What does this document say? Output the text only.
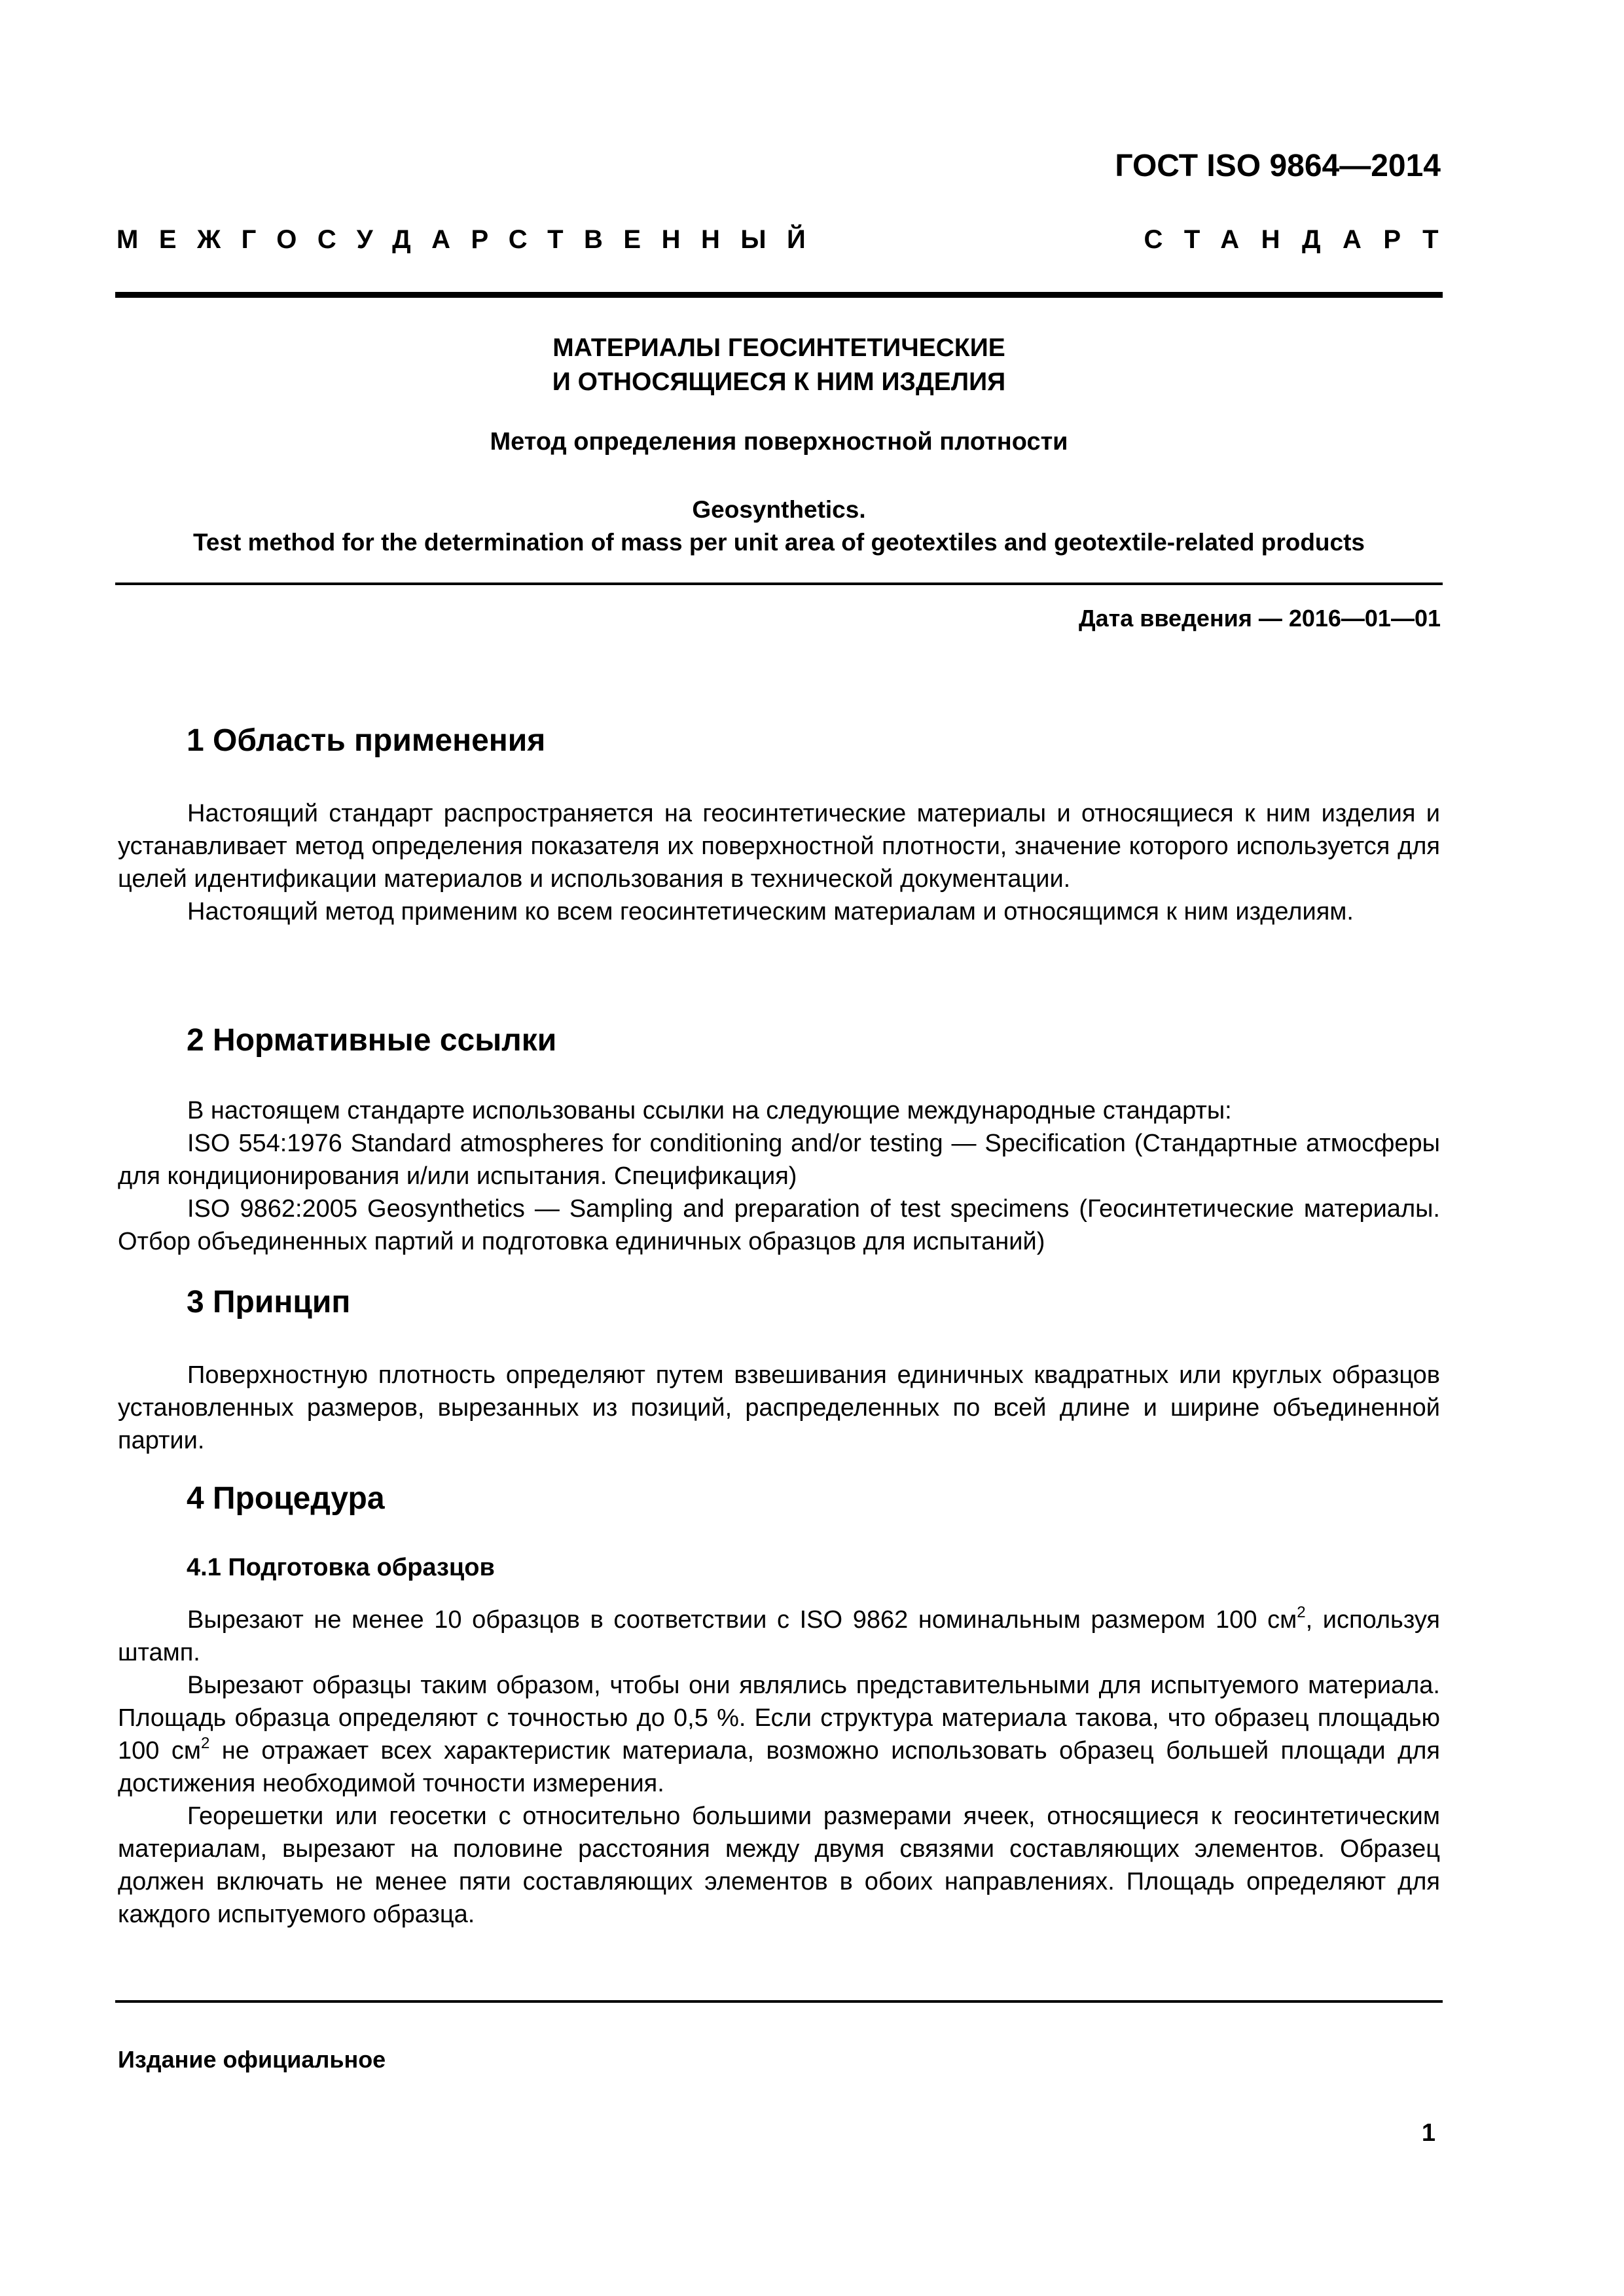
ГОСТ ISO 9864—2014
МЕЖГОСУДАРСТВЕННЫЙ	СТАНДАРТ
МАТЕРИАЛЫ ГЕОСИНТЕТИЧЕСКИЕ
И ОТНОСЯЩИЕСЯ К НИМ ИЗДЕЛИЯ
Метод определения поверхностной плотности
Geosynthetics.
Test method for the determination of mass per unit area of geotextiles and geotextile-related products
Дата введения — 2016—01—01
1 Область применения

Настоящий стандарт распространяется на геосинтетические материалы и относящиеся к ним изделия и устанавливает метод определения показателя их поверхностной плотности, значение которого используется для целей идентификации материалов и использования в технической документации.

Настоящий метод применим ко всем геосинтетическим материалам и относящимся к ним изделиям.

2 Нормативные ссылки

В настоящем стандарте использованы ссылки на следующие международные стандарты:

ISO 554:1976 Standard atmospheres for conditioning and/or testing — Specification (Стандартные атмосферы для кондиционирования и/или испытания. Спецификация)

ISO 9862:2005 Geosynthetics — Sampling and preparation of test specimens (Геосинтетические материалы. Отбор объединенных партий и подготовка единичных образцов для испытаний)

3 Принцип

Поверхностную плотность определяют путем взвешивания единичных квадратных или круглых образцов установленных размеров, вырезанных из позиций, распределенных по всей длине и ширине объединенной партии.

4 Процедура
4.1 Подготовка образцов

Вырезают не менее 10 образцов в соответствии с ISO 9862 номинальным размером 100 $см^2$, используя штамп.

Вырезают образцы таким образом, чтобы они являлись представительными для испытуемого материала. Площадь образца определяют с точностью до 0,5 %. Если структура материала такова, что образец площадью 100 $см^2$ не отражает всех характеристик материала, возможно использовать образец большей площади для достижения необходимой точности измерения.

Георешетки или геосетки с относительно большими размерами ячеек, относящиеся к геосинтетическим материалам, вырезают на половине расстояния между двумя связями составляющих элементов. Образец должен включать не менее пяти составляющих элементов в обоих направлениях. Площадь определяют для каждого испытуемого образца.

Издание официальное
1
